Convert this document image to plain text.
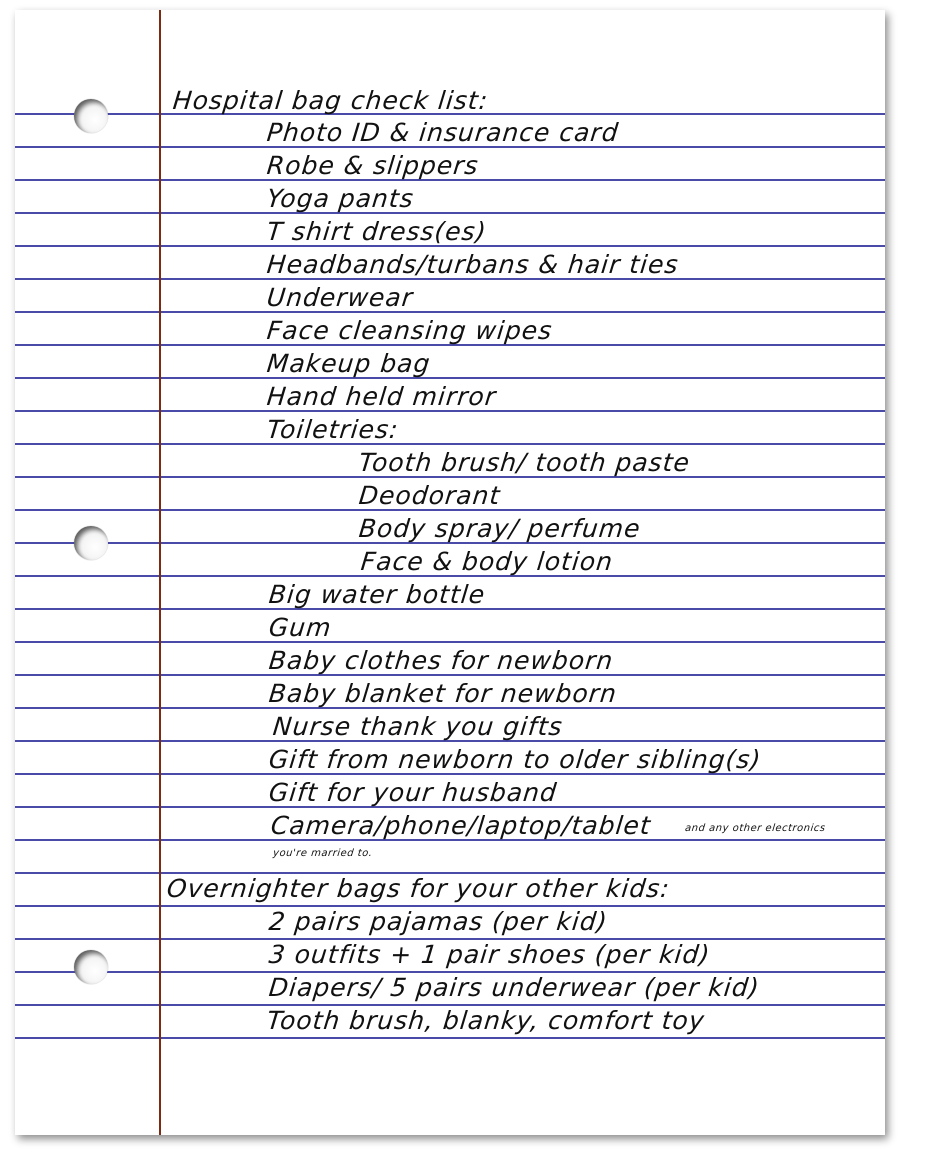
Hospital bag check list:
Photo ID & insurance card
Robe & slippers
Yoga pants
T shirt dress(es)
Headbands/turbans & hair ties
Underwear
Face cleansing wipes
Makeup bag
Hand held mirror
Toiletries:
Tooth brush/ tooth paste
Deodorant
Body spray/ perfume
Face & body lotion
Big water bottle
Gum
Baby clothes for newborn
Baby blanket for newborn
Nurse thank you gifts
Gift from newborn to older sibling(s)
Gift for your husband
Camera/phone/laptop/tablet	and any other electronics
you're married to.
Overnighter bags for your other kids:
2 pairs pajamas (per kid)
3 outfits + 1 pair shoes (per kid)
Diapers/ 5 pairs underwear (per kid)
Tooth brush, blanky, comfort toy
